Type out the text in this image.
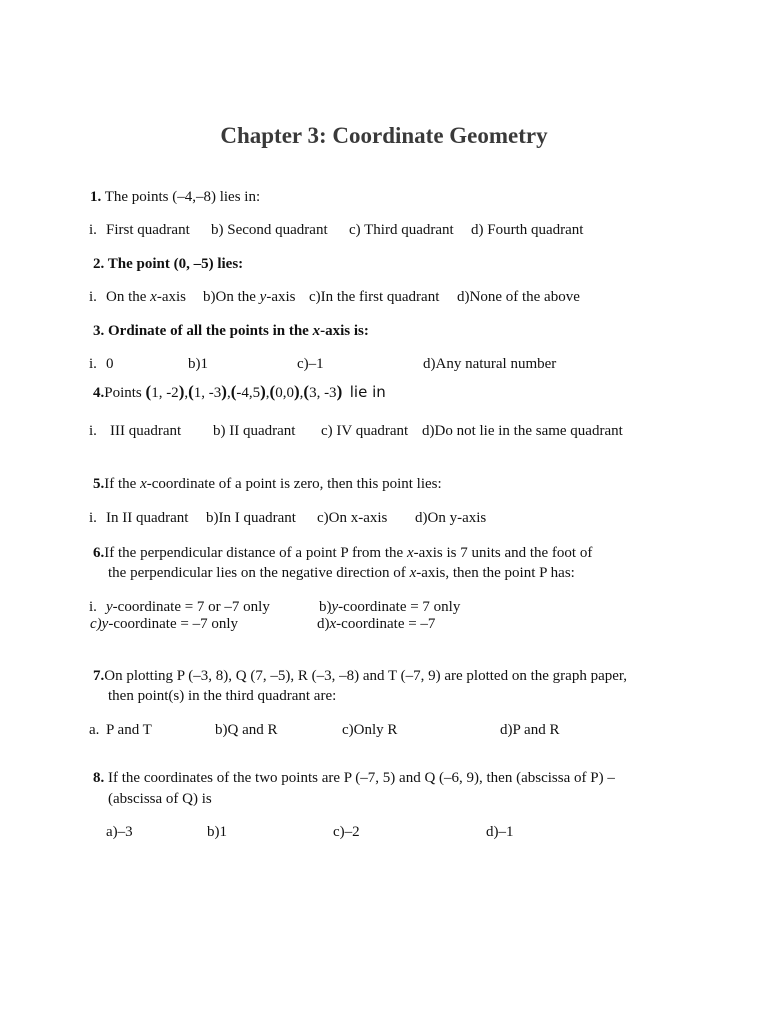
Chapter 3: Coordinate Geometry
1. The points (–4,–8) lies in:
i. First quadrant b) Second quadrant c) Third quadrant d) Fourth quadrant
2. The point (0, –5) lies:
i. On the x-axis b)On the y-axis c)In the first quadrant d)None of the above
3. Ordinate of all the points in the x-axis is:
i. 0	b)1	c)–1	d)Any natural number
4.Points (1, -2),(1, -3),(-4,5),(0,0),(3, -3) lie in
i. III quadrant b) II quadrant c) IV quadrant d)Do not lie in the same quadrant
5.If the x-coordinate of a point is zero, then this point lies:
i. In II quadrant b)In I quadrant c)On x-axis d)On y-axis
6.If the perpendicular distance of a point P from the x-axis is 7 units and the foot of
the perpendicular lies on the negative direction of x-axis, then the point P has:
i. y-coordinate = 7 or –7 only	b)y-coordinate = 7 only
c)y-coordinate = –7 only	d)x-coordinate = –7
7.On plotting P (–3, 8), Q (7, –5), R (–3, –8) and T (–7, 9) are plotted on the graph paper,
then point(s) in the third quadrant are:
a. P and T	b)Q and R	c)Only R	d)P and R
8. If the coordinates of the two points are P (–7, 5) and Q (–6, 9), then (abscissa of P) –
(abscissa of Q) is
a)–3	b)1	c)–2	d)–1
